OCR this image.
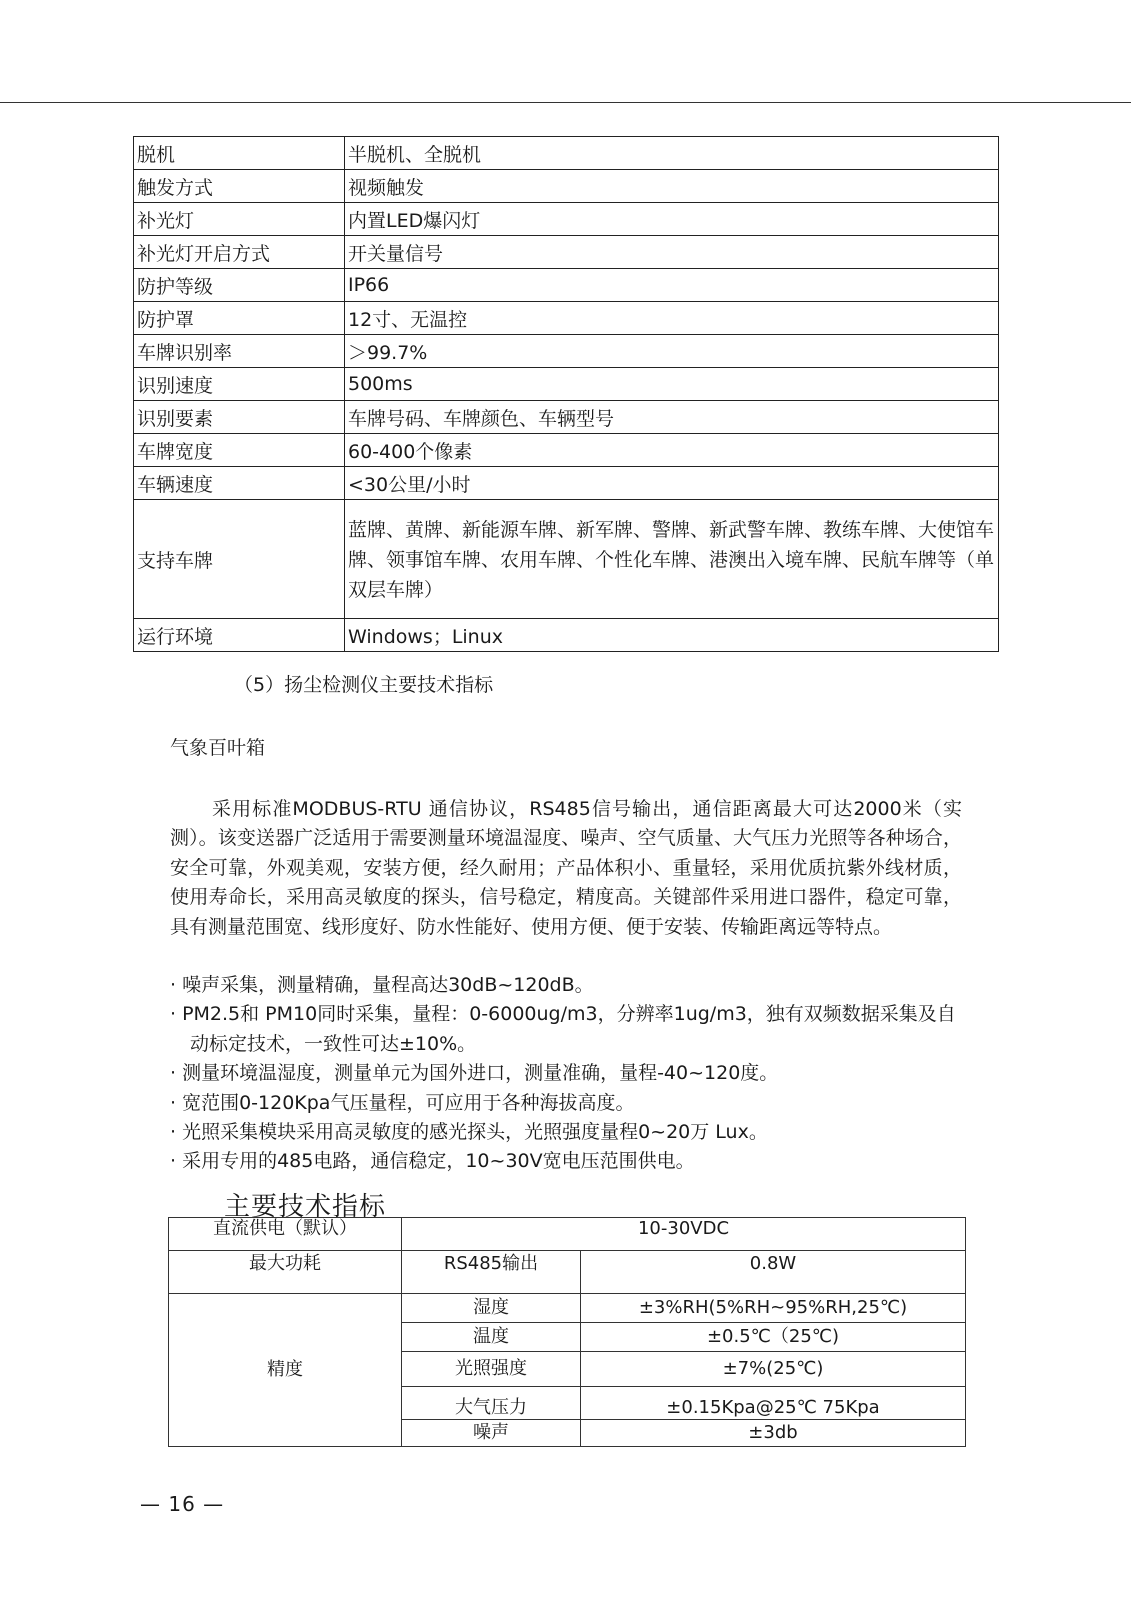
脱机	半脱机、全脱机
触发方式	视频触发
补光灯	内置LED爆闪灯
补光灯开启方式	开关量信号
防护等级	IP66
防护罩	12寸、无温控
车牌识别率	＞99.7%
识别速度	500ms
识别要素	车牌号码、车牌颜色、车辆型号
车牌宽度	60-400个像素
车辆速度	<30公里/小时
支持车牌	蓝牌、黄牌、新能源车牌、新军牌、警牌、新武警车牌、教练车牌、大使馆车牌、领事馆车牌、农用车牌、个性化车牌、港澳出入境车牌、民航车牌等（单双层车牌）
运行环境	Windows；Linux
（5）扬尘检测仪主要技术指标
气象百叶箱

采用标准MODBUS-RTU 通信协议，RS485信号输出，通信距离最大可达2000米（实测）。该变送器广泛适用于需要测量环境温湿度、噪声、空气质量、大气压力光照等各种场合，安全可靠，外观美观，安装方便，经久耐用；产品体积小、重量轻，采用优质抗紫外线材质，使用寿命长，采用高灵敏度的探头，信号稳定，精度高。关键部件采用进口器件，稳定可靠，具有测量范围宽、线形度好、防水性能好、使用方便、便于安装、传输距离远等特点。

· 噪声采集，测量精确，量程高达30dB~120dB。
· PM2.5和 PM10同时采集，量程：0-6000ug/m3，分辨率1ug/m3，独有双频数据采集及自动标定技术，一致性可达±10%。
· 测量环境温湿度，测量单元为国外进口，测量准确，量程-40~120度。
· 宽范围0-120Kpa气压量程，可应用于各种海拔高度。
· 光照采集模块采用高灵敏度的感光探头，光照强度量程0~20万 Lux。
· 采用专用的485电路，通信稳定，10~30V宽电压范围供电。
主要技术指标
直流供电（默认）	10-30VDC	
最大功耗	RS485输出	0.8W
精度	湿度	±3%RH(5%RH~95%RH,25℃)
	温度	±0.5℃（25℃)
	光照强度	±7%(25℃)
	大气压力	±0.15Kpa@25℃ 75Kpa
	噪声	±3db
— 16 —
